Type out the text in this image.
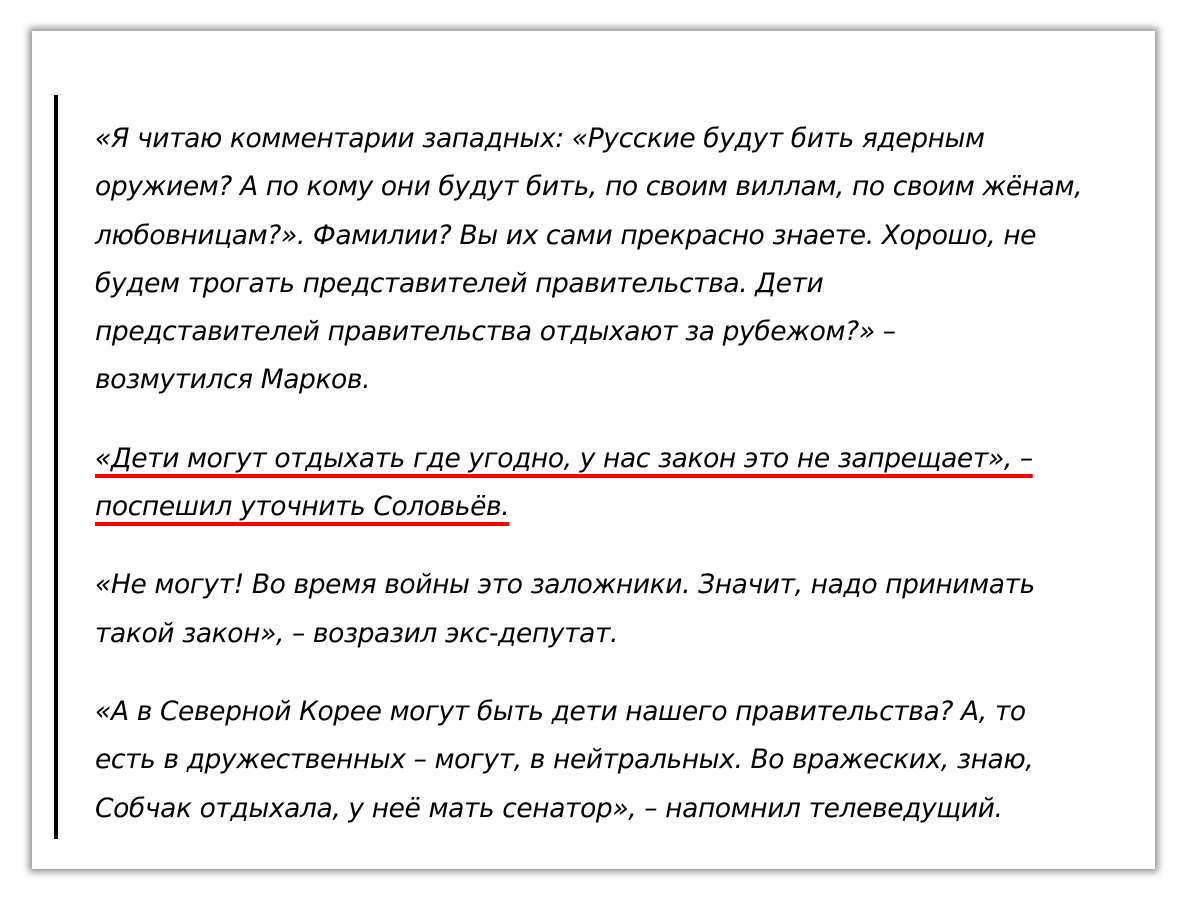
«Я читаю комментарии западных: «Русские будут бить ядерным
оружием? А по кому они будут бить, по своим виллам, по своим жёнам,
любовницам?». Фамилии? Вы их сами прекрасно знаете. Хорошо, не
будем трогать представителей правительства. Дети
представителей правительства отдыхают за рубежом?» –
возмутился Марков.

«Дети могут отдыхать где угодно, у нас закон это не запрещает», –
поспешил уточнить Соловьёв.

«Не могут! Во время войны это заложники. Значит, надо принимать
такой закон», – возразил экс-депутат.

«А в Северной Корее могут быть дети нашего правительства? А, то
есть в дружественных – могут, в нейтральных. Во вражеских, знаю,
Собчак отдыхала, у неё мать сенатор», – напомнил телеведущий.
